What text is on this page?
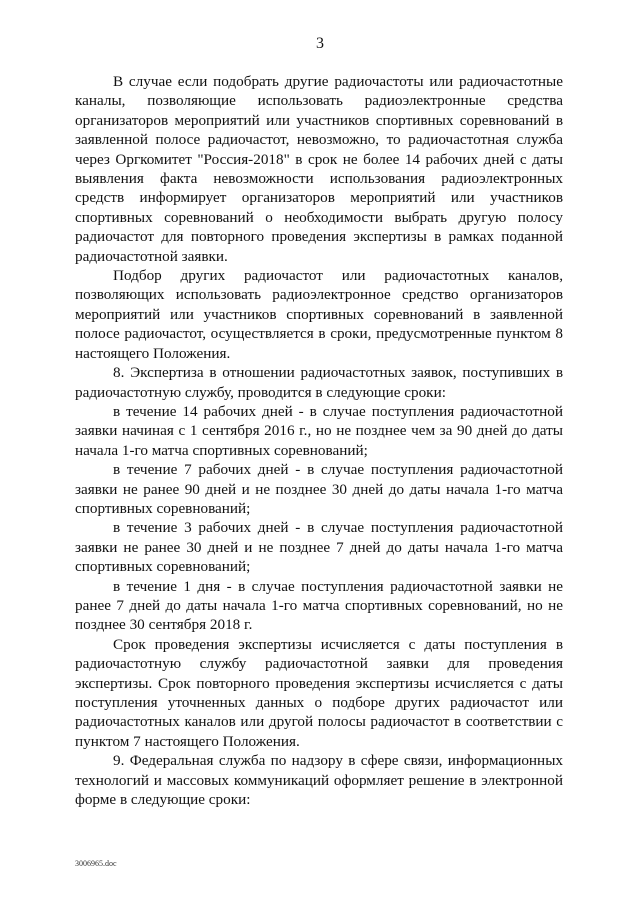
3

В случае если подобрать другие радиочастоты или радиочастотные каналы, позволяющие использовать радиоэлектронные средства организаторов мероприятий или участников спортивных соревнований в заявленной полосе радиочастот, невозможно, то радиочастотная служба через Оргкомитет "Россия-2018" в срок не более 14 рабочих дней с даты выявления факта невозможности использования радиоэлектронных средств информирует организаторов мероприятий или участников спортивных соревнований о необходимости выбрать другую полосу радиочастот для повторного проведения экспертизы в рамках поданной радиочастотной заявки.

Подбор других радиочастот или радиочастотных каналов, позволяющих использовать радиоэлектронное средство организаторов мероприятий или участников спортивных соревнований в заявленной полосе радиочастот, осуществляется в сроки, предусмотренные пунктом 8 настоящего Положения.

8. Экспертиза в отношении радиочастотных заявок, поступивших в радиочастотную службу, проводится в следующие сроки:

в течение 14 рабочих дней - в случае поступления радиочастотной заявки начиная с 1 сентября 2016 г., но не позднее чем за 90 дней до даты начала 1-го матча спортивных соревнований;

в течение 7 рабочих дней - в случае поступления радиочастотной заявки не ранее 90 дней и не позднее 30 дней до даты начала 1-го матча спортивных соревнований;

в течение 3 рабочих дней - в случае поступления радиочастотной заявки не ранее 30 дней и не позднее 7 дней до даты начала 1-го матча спортивных соревнований;

в течение 1 дня - в случае поступления радиочастотной заявки не ранее 7 дней до даты начала 1-го матча спортивных соревнований, но не позднее 30 сентября 2018 г.

Срок проведения экспертизы исчисляется с даты поступления в радиочастотную службу радиочастотной заявки для проведения экспертизы. Срок повторного проведения экспертизы исчисляется с даты поступления уточненных данных о подборе других радиочастот или радиочастотных каналов или другой полосы радиочастот в соответствии с пунктом 7 настоящего Положения.

9. Федеральная служба по надзору в сфере связи, информационных технологий и массовых коммуникаций оформляет решение в электронной форме в следующие сроки:

3006965.doc
